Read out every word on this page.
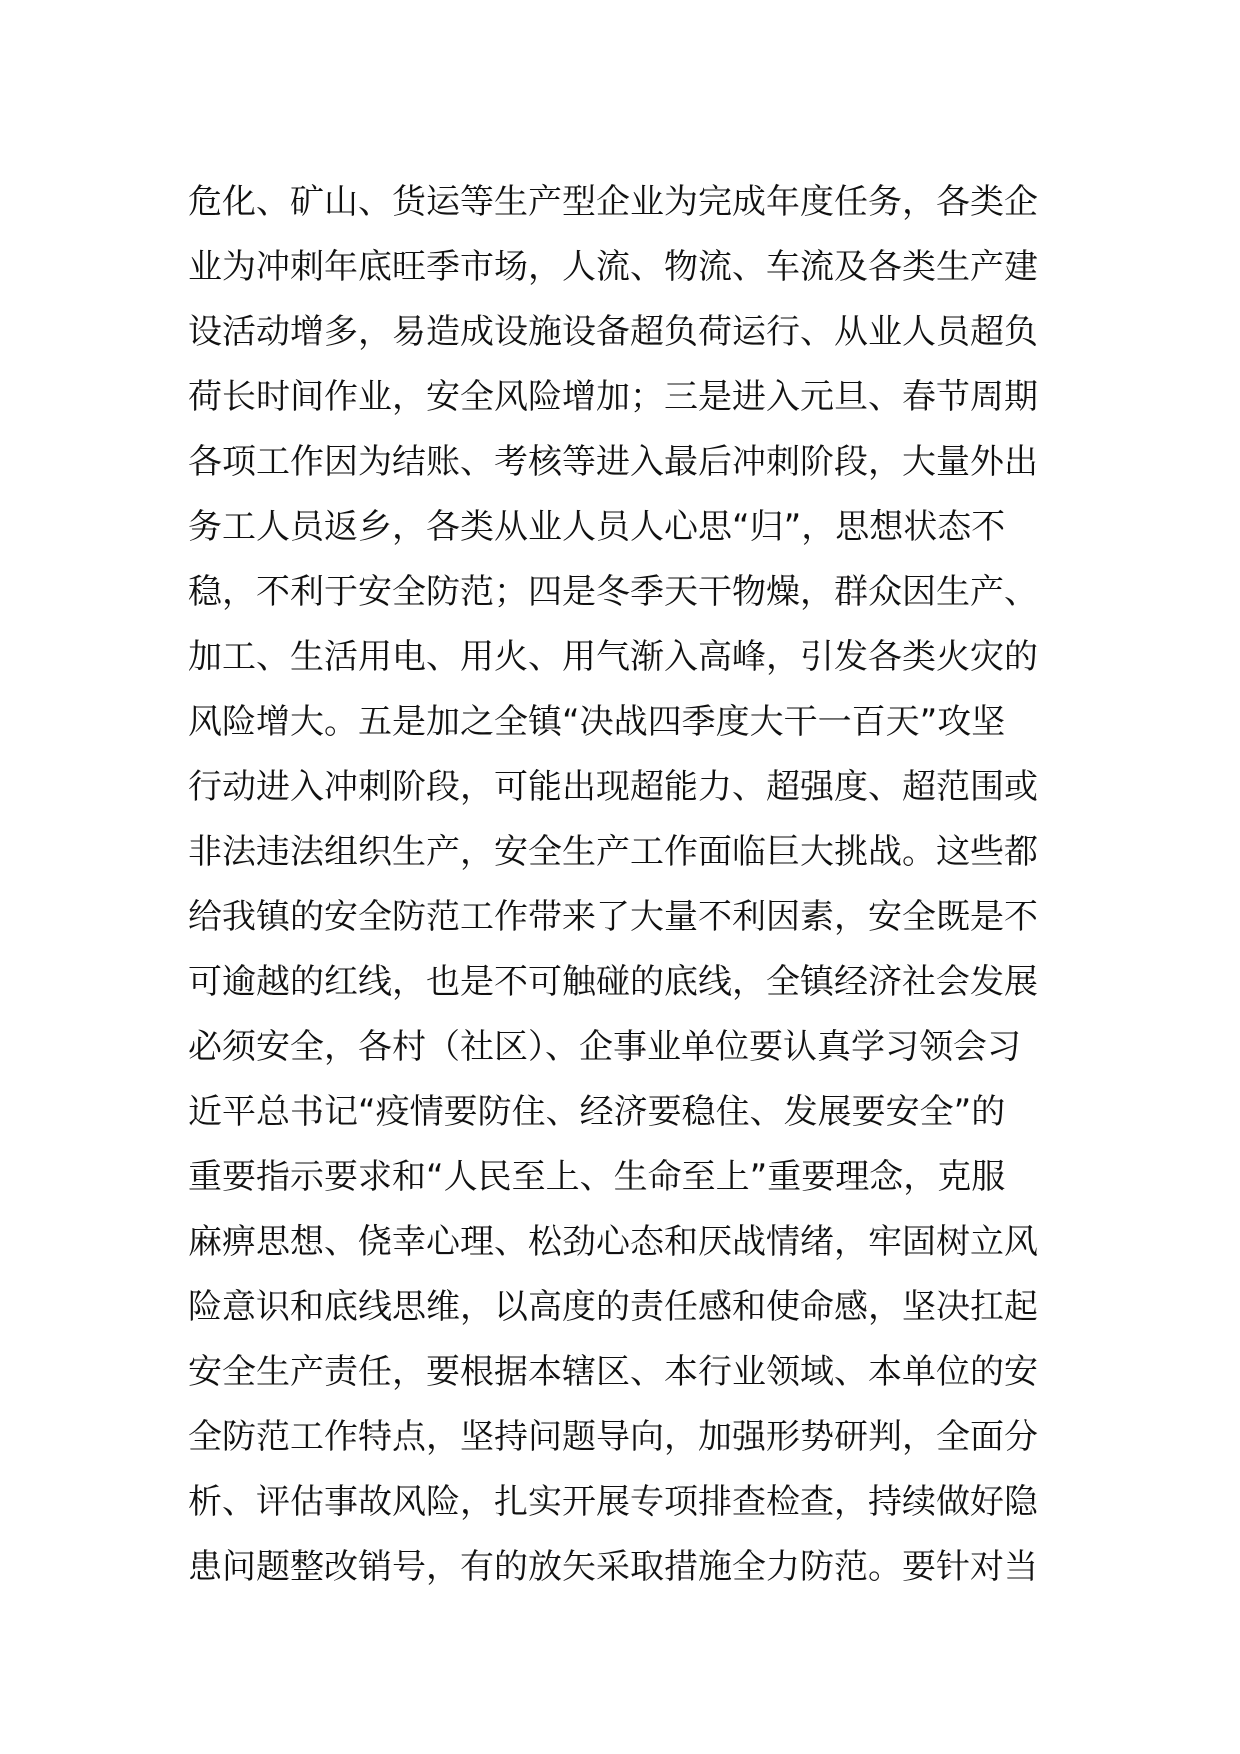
危化、矿山、货运等生产型企业为完成年度任务，各类企
业为冲刺年底旺季市场，人流、物流、车流及各类生产建
设活动增多，易造成设施设备超负荷运行、从业人员超负
荷长时间作业，安全风险增加；三是进入元旦、春节周期
各项工作因为结账、考核等进入最后冲刺阶段，大量外出
务工人员返乡，各类从业人员人心思“归”，思想状态不
稳，不利于安全防范；四是冬季天干物燥，群众因生产、
加工、生活用电、用火、用气渐入高峰，引发各类火灾的
风险增大。五是加之全镇“决战四季度大干一百天”攻坚
行动进入冲刺阶段，可能出现超能力、超强度、超范围或
非法违法组织生产，安全生产工作面临巨大挑战。这些都
给我镇的安全防范工作带来了大量不利因素，安全既是不
可逾越的红线，也是不可触碰的底线，全镇经济社会发展
必须安全，各村（社区）、企事业单位要认真学习领会习
近平总书记“疫情要防住、经济要稳住、发展要安全”的
重要指示要求和“人民至上、生命至上”重要理念，克服
麻痹思想、侥幸心理、松劲心态和厌战情绪，牢固树立风
险意识和底线思维，以高度的责任感和使命感，坚决扛起
安全生产责任，要根据本辖区、本行业领域、本单位的安
全防范工作特点，坚持问题导向，加强形势研判，全面分
析、评估事故风险，扎实开展专项排查检查，持续做好隐
患问题整改销号，有的放矢采取措施全力防范。要针对当
